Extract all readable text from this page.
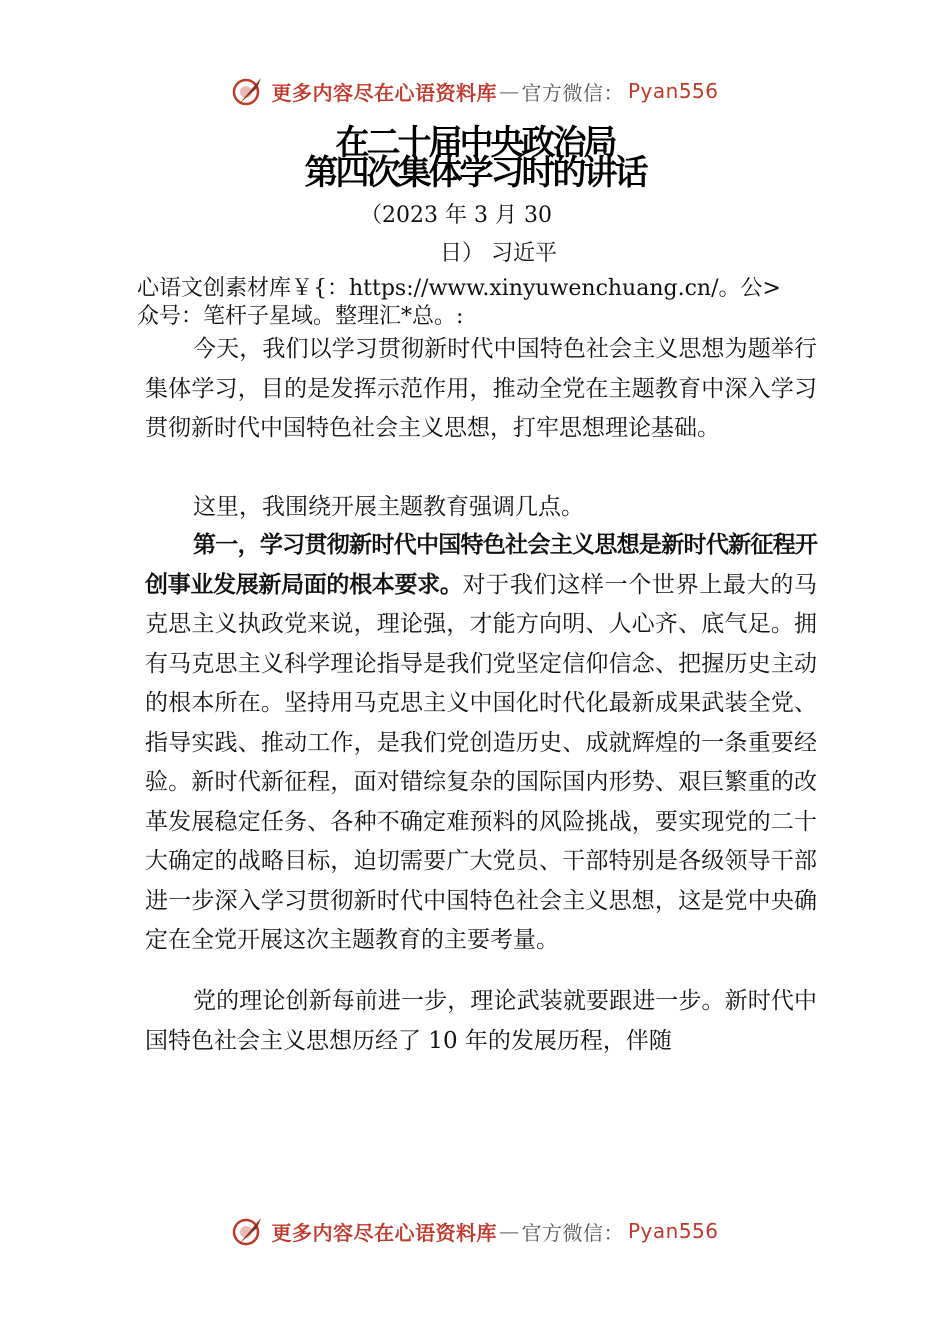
更多内容尽在心语资料库 — 官方微信： Pyan556
在二十届中央政治局
第四次集体学习时的讲话
（2023 年 3 月 30
日） 习近平
心语文创素材库￥{：https://www.xinyuwenchuang.cn/。公>
众号：笔杆子星域。整理汇*总。:
今天，我们以学习贯彻新时代中国特色社会主义思想为题举行集体学习，目的是发挥示范作用，推动全党在主题教育中深入学习贯彻新时代中国特色社会主义思想，打牢思想理论基础。
这里，我围绕开展主题教育强调几点。
第一，学习贯彻新时代中国特色社会主义思想是新时代新征程开创事业发展新局面的根本要求。对于我们这样一个世界上最大的马克思主义执政党来说，理论强，才能方向明、人心齐、底气足。拥有马克思主义科学理论指导是我们党坚定信仰信念、把握历史主动的根本所在。坚持用马克思主义中国化时代化最新成果武装全党、指导实践、推动工作，是我们党创造历史、成就辉煌的一条重要经验。新时代新征程，面对错综复杂的国际国内形势、艰巨繁重的改革发展稳定任务、各种不确定难预料的风险挑战，要实现党的二十大确定的战略目标，迫切需要广大党员、干部特别是各级领导干部进一步深入学习贯彻新时代中国特色社会主义思想，这是党中央确定在全党开展这次主题教育的主要考量。
党的理论创新每前进一步，理论武装就要跟进一步。新时代中国特色社会主义思想历经了 10 年的发展历程，伴随
更多内容尽在心语资料库 — 官方微信： Pyan556
